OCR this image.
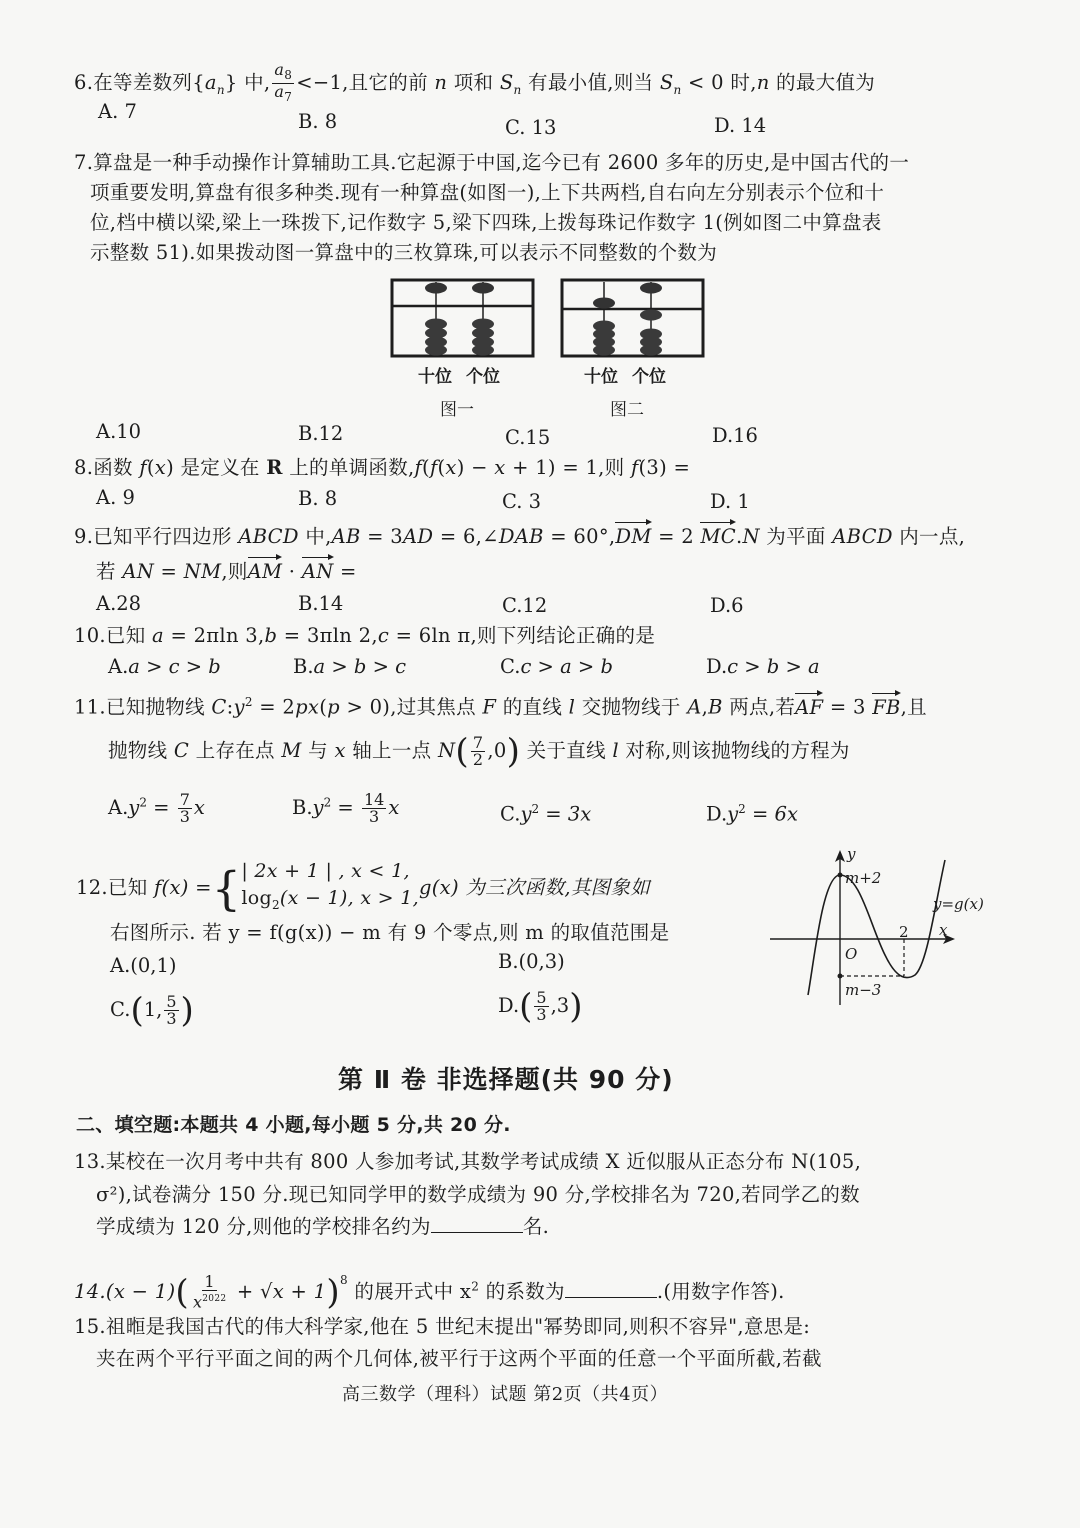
6.在等差数列$\{a_n\}$ 中, $\frac{a_8}{a_7} <-1$,且它的前 n 项和 $S_n$ 有最小值,则当 $S_n < 0$ 时,n 的最大值为
A. 7	B. 8	C. 13	D. 14
7.算盘是一种手动操作计算辅助工具.它起源于中国,迄今已有 2600 多年的历史,是中国古代的一
项重要发明,算盘有很多种类.现有一种算盘(如图一),上下共两档,自右向左分别表示个位和十
位,档中横以梁,梁上一珠拨下,记作数字 5,梁下四珠,上拨每珠记作数字 1(例如图二中算盘表
示整数 51).如果拨动图一算盘中的三枚算珠,可以表示不同整数的个数为
十位 个位
图一
十位 个位
图二
A.10	B.12	C.15	D.16
8.函数 f(x) 是定义在 R 上的单调函数,f(f(x) − x + 1) = 1,则 f(3) =
A. 9	B. 8	C. 3	D. 1
9.已知平行四边形 ABCD 中,AB = 3AD = 6,∠DAB = 60°,DM = 2 MC.N 为平面 ABCD 内一点,
若 AN = NM,则AM · AN =
A.28	B.14	C.12	D.6
10.已知 a = 2πln 3,b = 3πln 2,c = 6ln π,则下列结论正确的是
A.a > c > b	B.a > b > c	C.c > a > b	D.c > b > a
11.已知抛物线 $C:y^2 = 2px(p > 0)$,过其焦点 F 的直线 l 交抛物线于 A,B 两点,若AF = 3 FB,且
抛物线 C 上存在点 M 与 x 轴上一点 $N( \frac{7}{2} ,0)$ 关于直线 l 对称,则该抛物线的方程为
$A.y^2 = \frac{7}{3}$ x	$B.y^2 = \frac{14}{3}$ x	$C.y^2 = 3x$	$D.y^2 = 6x$
12.已知 f(x) ={ | 2x + 1 | , x < 1,
$\log_2(x - 1)$, x > 1, g(x) 为三次函数,其图象如
右图所示. 若 y = f(g(x)) − m 有 9 个零点,则 m 的取值范围是
A.(0,1)	B.(0,3)
C.(1, $\frac{5}{3}$ )	$D.( \frac{5}{3} ,3)$
y
x
O
m+2
m−3
2
y=g(x)
第 Ⅱ 卷 非选择题(共 90 分)
二、填空题:本题共 4 小题,每小题 5 分,共 20 分.
13.某校在一次月考中共有 800 人参加考试,其数学考试成绩 X 近似服从正态分布 N(105,
σ²),试卷满分 150 分.现已知同学甲的数学成绩为 90 分,学校排名为 720,若同学乙的数
学成绩为 120 分,则他的学校排名约为	名.
$14.(x - 1)( \frac{1}{x^{2022}} + √x + 1)^8$ 的展开式中 $x^2$ 的系数为	.(用数字作答).
15.祖暅是我国古代的伟大科学家,他在 5 世纪末提出"幂势即同,则积不容异",意思是:
夹在两个平行平面之间的两个几何体,被平行于这两个平面的任意一个平面所截,若截
高三数学（理科）试题 第2页（共4页）
